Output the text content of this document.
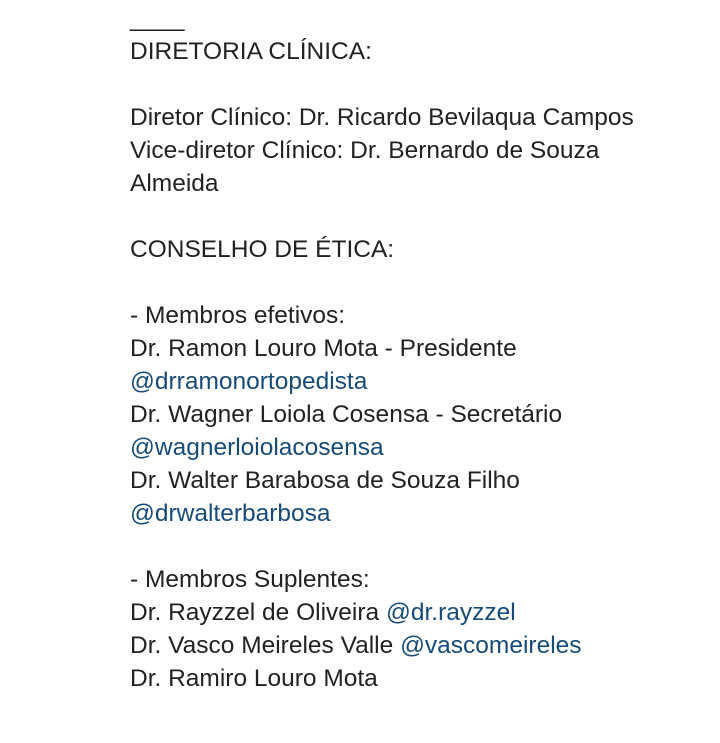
____
DIRETORIA CLÍNICA:
Diretor Clínico: Dr. Ricardo Bevilaqua Campos
Vice-diretor Clínico: Dr. Bernardo de Souza Almeida
CONSELHO DE ÉTICA:
- Membros efetivos:
Dr. Ramon Louro Mota - Presidente
@drramonortopedista
Dr. Wagner Loiola Cosensa - Secretário
@wagnerloiolacosensa
Dr. Walter Barabosa de Souza Filho
@drwalterbarbosa
- Membros Suplentes:
Dr. Rayzzel de Oliveira @dr.rayzzel
Dr. Vasco Meireles Valle @vascomeireles
Dr. Ramiro Louro Mota
